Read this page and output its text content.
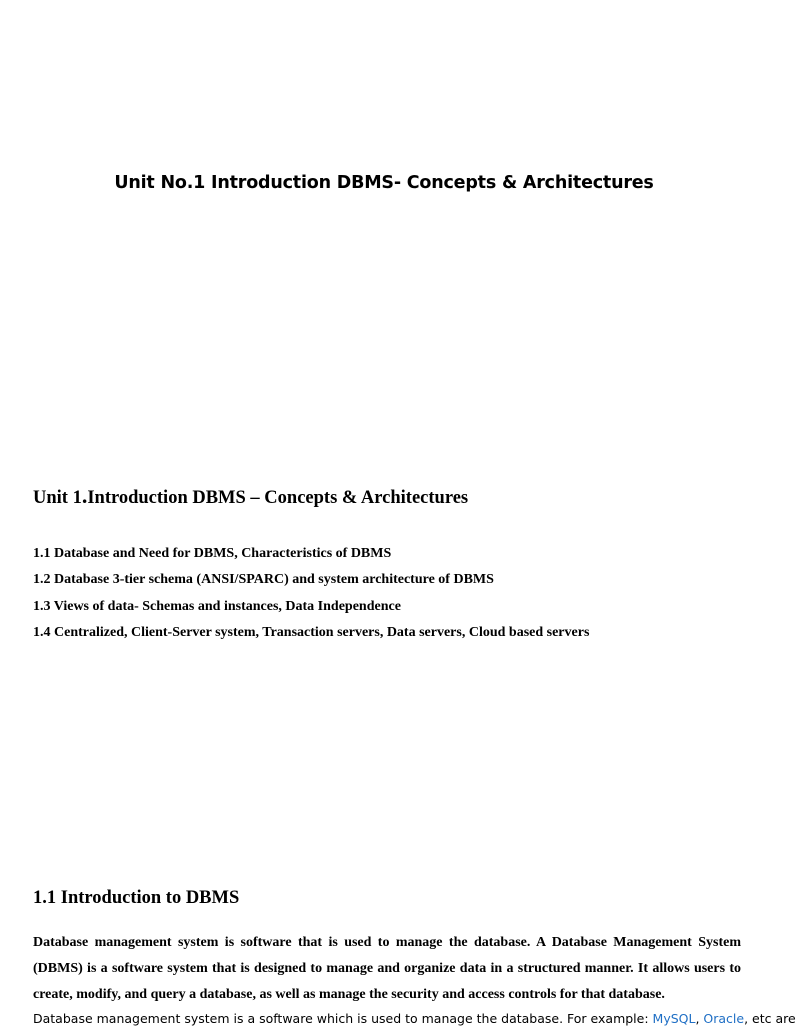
Unit No.1 Introduction DBMS- Concepts & Architectures
Unit 1.Introduction DBMS – Concepts & Architectures
1.1 Database and Need for DBMS, Characteristics of DBMS
1.2 Database 3-tier schema (ANSI/SPARC) and system architecture of DBMS
1.3 Views of data- Schemas and instances, Data Independence
1.4 Centralized, Client-Server system, Transaction servers, Data servers, Cloud based servers
1.1 Introduction to DBMS

Database management system is software that is used to manage the database. A Database Management System (DBMS) is a software system that is designed to manage and organize data in a structured manner. It allows users to create, modify, and query a database, as well as manage the security and access controls for that database.

Database management system is a software which is used to manage the database. For example: MySQL, Oracle, etc are
